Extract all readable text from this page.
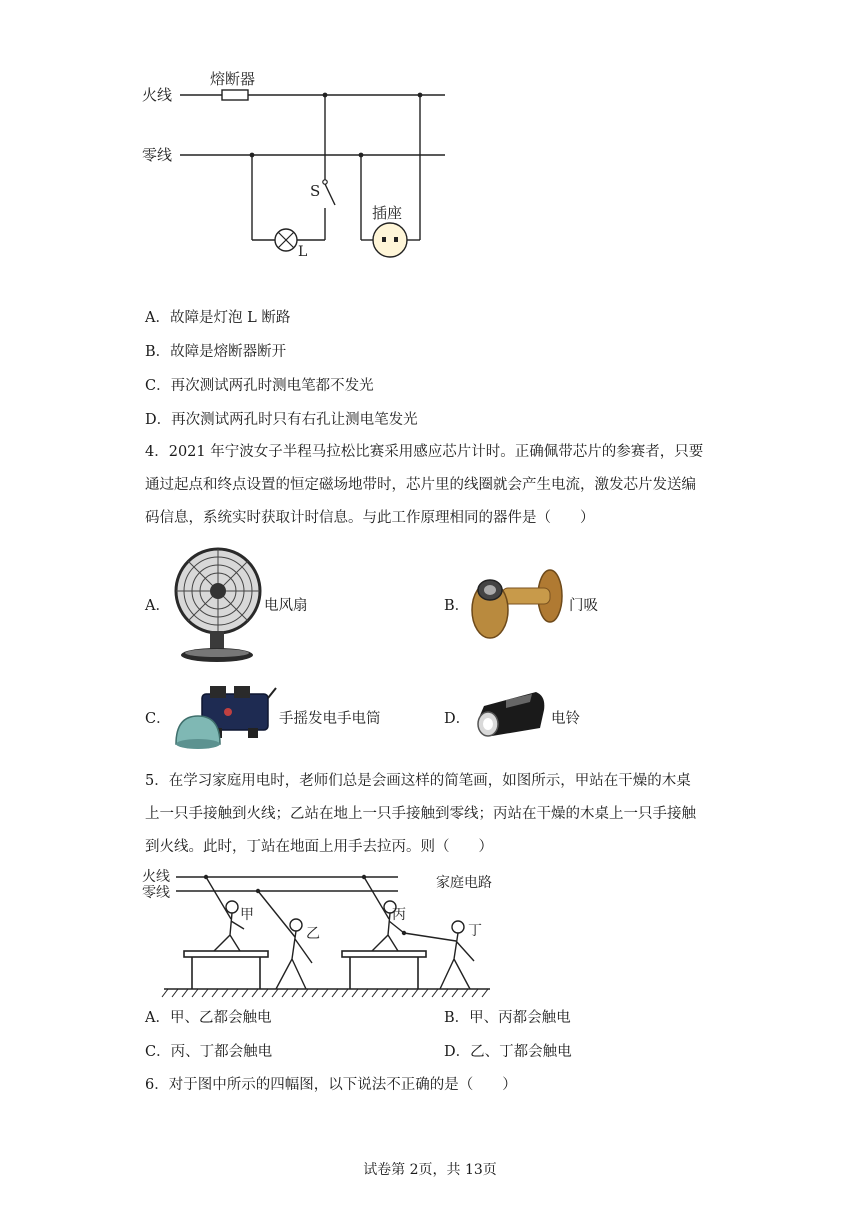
火线
零线
熔断器
S
L
插座
A．故障是灯泡 L 断路
B．故障是熔断器断开
C．再次测试两孔时测电笔都不发光
D．再次测试两孔时只有右孔让测电笔发光
4．2021 年宁波女子半程马拉松比赛采用感应芯片计时。正确佩带芯片的参赛者，只要
通过起点和终点设置的恒定磁场地带时，芯片里的线圈就会产生电流，激发芯片发送编
码信息，系统实时获取计时信息。与此工作原理相同的器件是（　　）
A．	电风扇	B．	门吸
C．	手摇发电手电筒	D．	电铃
5．在学习家庭用电时，老师们总是会画这样的简笔画，如图所示，甲站在干燥的木桌
上一只手接触到火线；乙站在地上一只手接触到零线；丙站在干燥的木桌上一只手接触
到火线。此时，丁站在地面上用手去拉丙。则（　　）
火线
零线
家庭电路
甲
乙
丙
丁
A．甲、乙都会触电	B．甲、丙都会触电
C．丙、丁都会触电	D．乙、丁都会触电
6．对于图中所示的四幅图，以下说法不正确的是（　　）
试卷第 2页，共 13页
